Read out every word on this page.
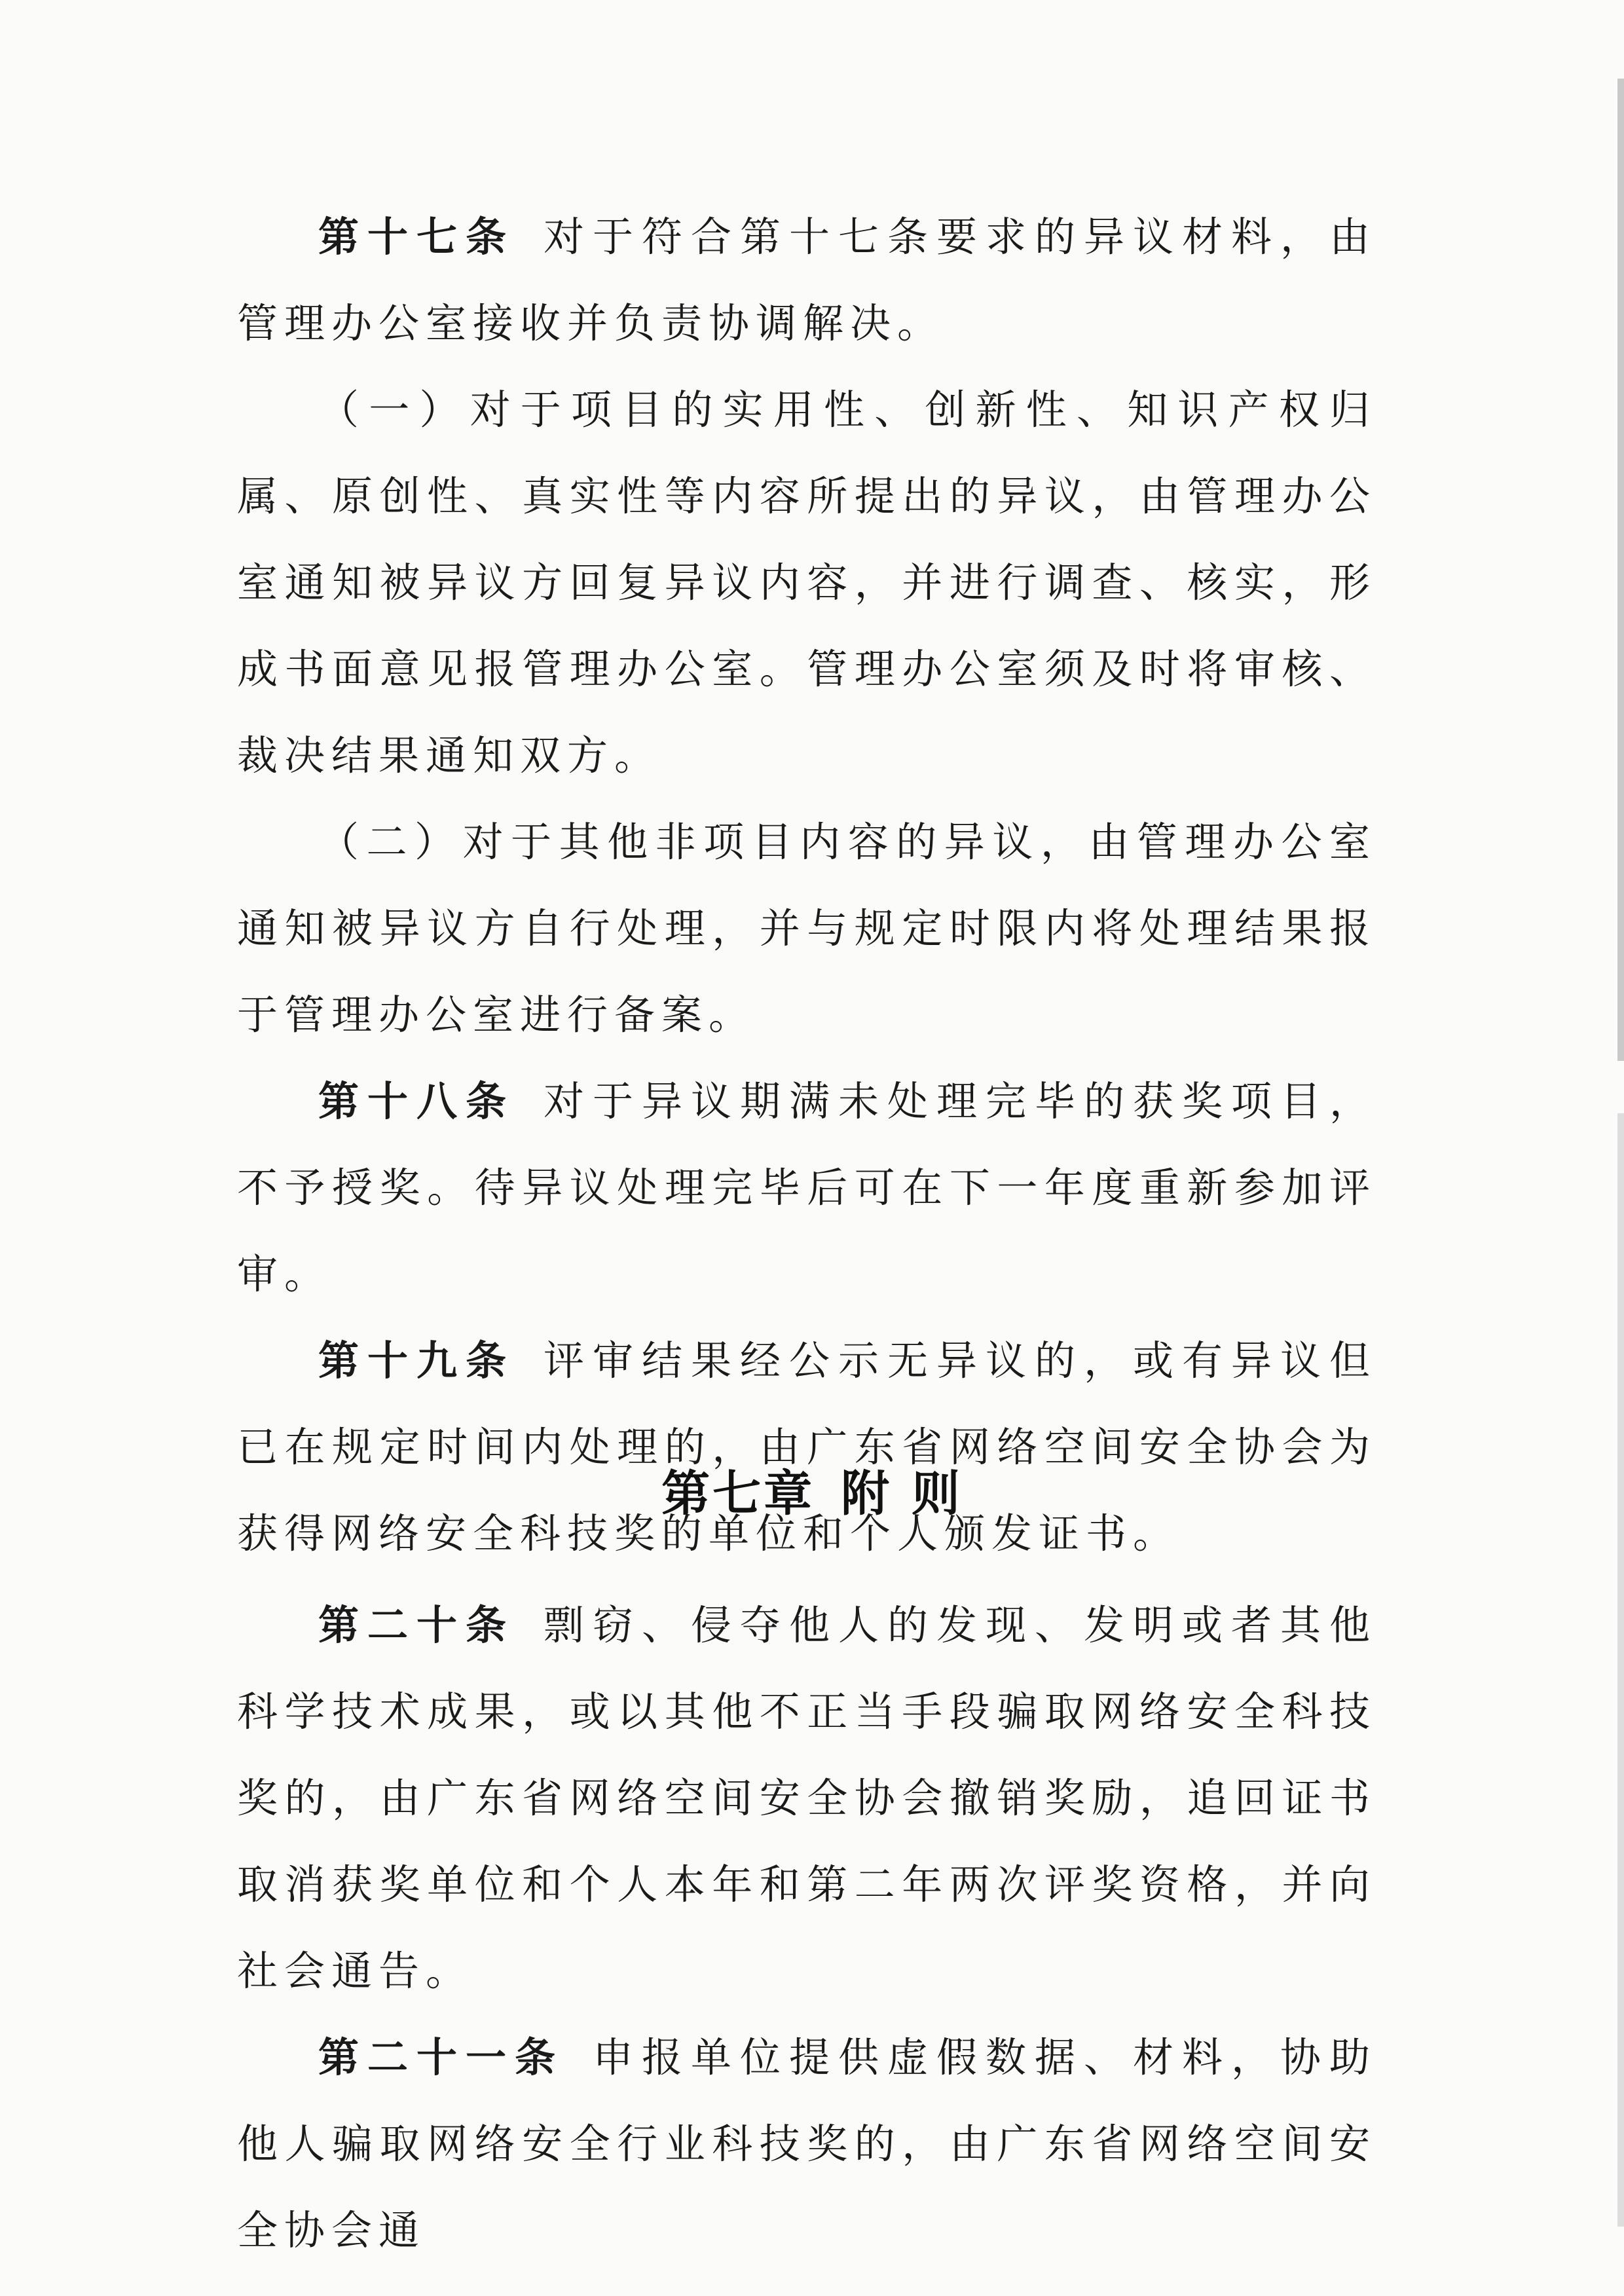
第十七条 对于符合第十七条要求的异议材料，由管理办公室接收并负责协调解决。

（一）对于项目的实用性、创新性、知识产权归属、原创性、真实性等内容所提出的异议，由管理办公室通知被异议方回复异议内容，并进行调查、核实，形成书面意见报管理办公室。管理办公室须及时将审核、裁决结果通知双方。

（二）对于其他非项目内容的异议，由管理办公室通知被异议方自行处理，并与规定时限内将处理结果报于管理办公室进行备案。

第十八条 对于异议期满未处理完毕的获奖项目，不予授奖。待异议处理完毕后可在下一年度重新参加评审。

第十九条 评审结果经公示无异议的，或有异议但已在规定时间内处理的，由广东省网络空间安全协会为获得网络安全科技奖的单位和个人颁发证书。

第七章 附 则

第二十条 剽窃、侵夺他人的发现、发明或者其他科学技术成果，或以其他不正当手段骗取网络安全科技奖的，由广东省网络空间安全协会撤销奖励，追回证书取消获奖单位和个人本年和第二年两次评奖资格，并向社会通告。

第二十一条 申报单位提供虚假数据、材料，协助他人骗取网络安全行业科技奖的，由广东省网络空间安全协会通
